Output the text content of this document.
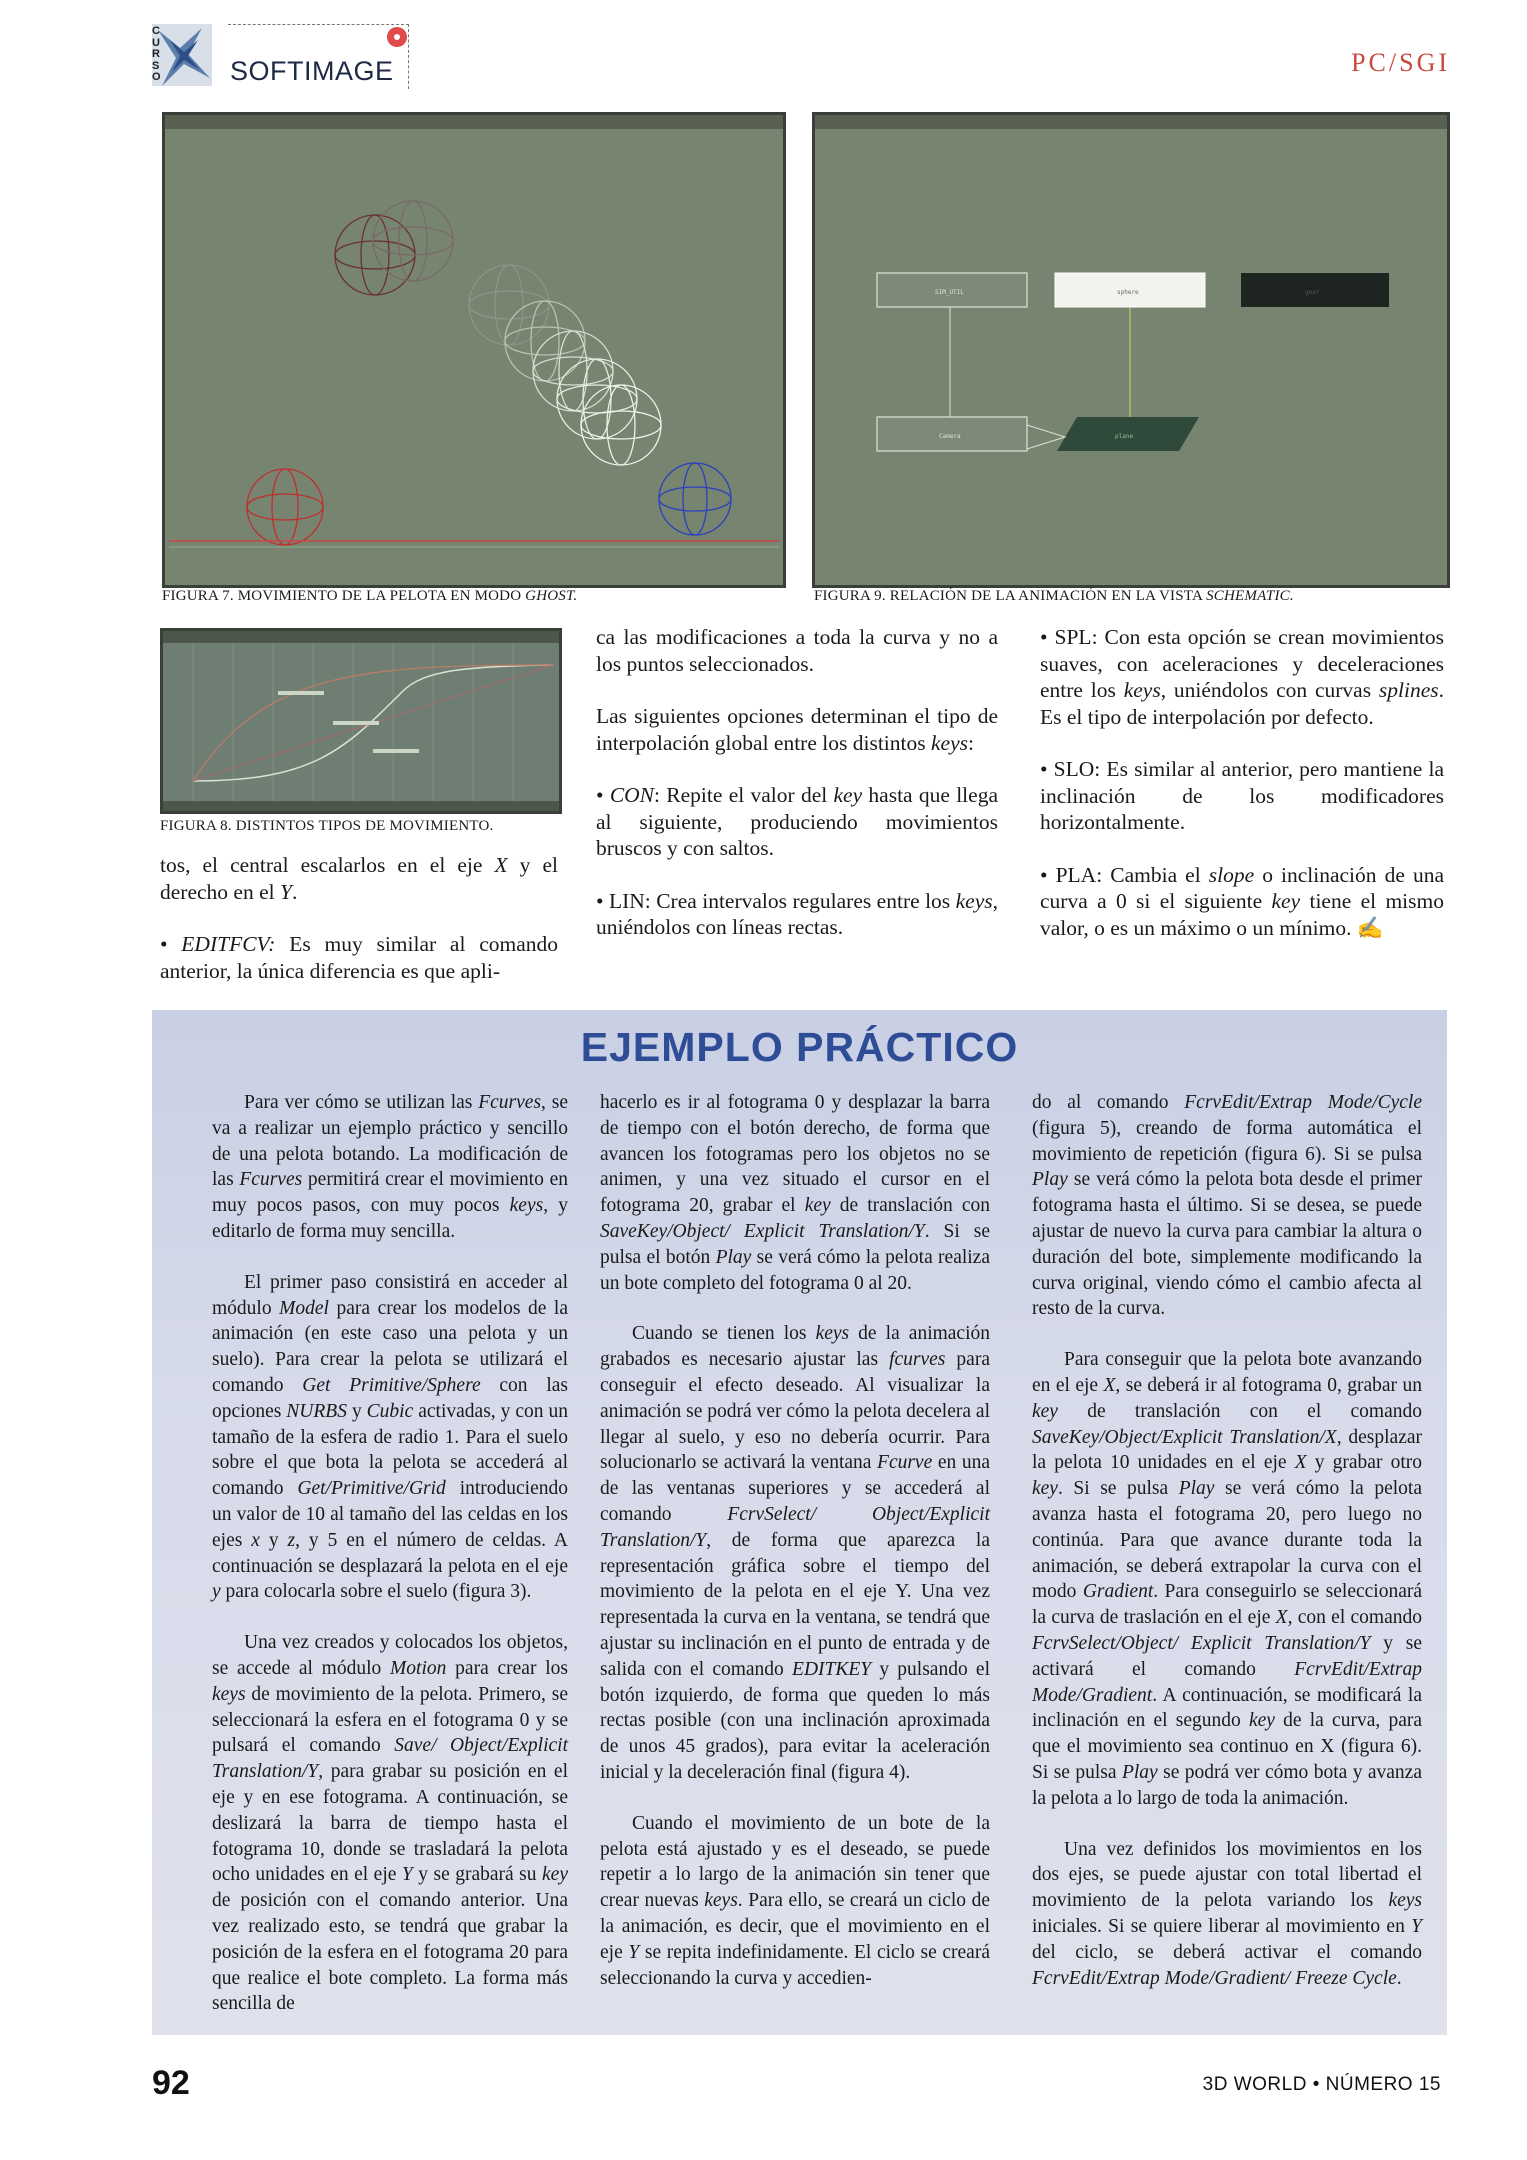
C
U
R
S
O	SOFTIMAGE	PC/SGI
FIGURA 7. MOVIMIENTO DE LA PELOTA EN MODO GHOST.
SIM_UTIL	sphere	gear
Camera	plane
FIGURA 9. RELACIÓN DE LA ANIMACIÓN EN LA VISTA SCHEMATIC.
FIGURA 8. DISTINTOS TIPOS DE MOVIMIENTO.

tos, el central escalarlos en el eje X y el derecho en el Y.

• EDITFCV: Es muy similar al comando anterior, la única diferencia es que apli-

ca las modificaciones a toda la curva y no a los puntos seleccionados.

Las siguientes opciones determinan el tipo de interpolación global entre los distintos keys:

• CON: Repite el valor del key hasta que llega al siguiente, produciendo movimientos bruscos y con saltos.

• LIN: Crea intervalos regulares entre los keys, uniéndolos con líneas rectas.

• SPL: Con esta opción se crean movimientos suaves, con aceleraciones y deceleraciones entre los keys, uniéndolos con curvas splines. Es el tipo de interpolación por defecto.

• SLO: Es similar al anterior, pero mantiene la inclinación de los modificadores horizontalmente.

• PLA: Cambia el slope o inclinación de una curva a 0 si el siguiente key tiene el mismo valor, o es un máximo o un mínimo. ✍

EJEMPLO PRÁCTICO

Para ver cómo se utilizan las Fcurves, se va a realizar un ejemplo práctico y sencillo de una pelota botando. La modificación de las Fcurves permitirá crear el movimiento en muy pocos pasos, con muy pocos keys, y editarlo de forma muy sencilla.

El primer paso consistirá en acceder al módulo Model para crear los modelos de la animación (en este caso una pelota y un suelo). Para crear la pelota se utilizará el comando Get Primitive/Sphere con las opciones NURBS y Cubic activadas, y con un tamaño de la esfera de radio 1. Para el suelo sobre el que bota la pelota se accederá al comando Get/Primitive/Grid introduciendo un valor de 10 al tamaño del las celdas en los ejes x y z, y 5 en el número de celdas. A continuación se desplazará la pelota en el eje y para colocarla sobre el suelo (figura 3).

Una vez creados y colocados los objetos, se accede al módulo Motion para crear los keys de movimiento de la pelota. Primero, se seleccionará la esfera en el fotograma 0 y se pulsará el comando Save/ Object/Explicit Translation/Y, para grabar su posición en el eje y en ese fotograma. A continuación, se deslizará la barra de tiempo hasta el fotograma 10, donde se trasladará la pelota ocho unidades en el eje Y y se grabará su key de posición con el comando anterior. Una vez realizado esto, se tendrá que grabar la posición de la esfera en el fotograma 20 para que realice el bote completo. La forma más sencilla de

hacerlo es ir al fotograma 0 y desplazar la barra de tiempo con el botón derecho, de forma que avancen los fotogramas pero los objetos no se animen, y una vez situado el cursor en el fotograma 20, grabar el key de translación con SaveKey/Object/ Explicit Translation/Y. Si se pulsa el botón Play se verá cómo la pelota realiza un bote completo del fotograma 0 al 20.

Cuando se tienen los keys de la animación grabados es necesario ajustar las fcurves para conseguir el efecto deseado. Al visualizar la animación se podrá ver cómo la pelota decelera al llegar al suelo, y eso no debería ocurrir. Para solucionarlo se activará la ventana Fcurve en una de las ventanas superiores y se accederá al comando FcrvSelect/ Object/Explicit Translation/Y, de forma que aparezca la representación gráfica sobre el tiempo del movimiento de la pelota en el eje Y. Una vez representada la curva en la ventana, se tendrá que ajustar su inclinación en el punto de entrada y de salida con el comando EDITKEY y pulsando el botón izquierdo, de forma que queden lo más rectas posible (con una inclinación aproximada de unos 45 grados), para evitar la aceleración inicial y la deceleración final (figura 4).

Cuando el movimiento de un bote de la pelota está ajustado y es el deseado, se puede repetir a lo largo de la animación sin tener que crear nuevas keys. Para ello, se creará un ciclo de la animación, es decir, que el movimiento en el eje Y se repita indefinidamente. El ciclo se creará seleccionando la curva y accedien-

do al comando FcrvEdit/Extrap Mode/Cycle (figura 5), creando de forma automática el movimiento de repetición (figura 6). Si se pulsa Play se verá cómo la pelota bota desde el primer fotograma hasta el último. Si se desea, se puede ajustar de nuevo la curva para cambiar la altura o duración del bote, simplemente modificando la curva original, viendo cómo el cambio afecta al resto de la curva.

Para conseguir que la pelota bote avanzando en el eje X, se deberá ir al fotograma 0, grabar un key de translación con el comando SaveKey/Object/Explicit Translation/X, desplazar la pelota 10 unidades en el eje X y grabar otro key. Si se pulsa Play se verá cómo la pelota avanza hasta el fotograma 20, pero luego no continúa. Para que avance durante toda la animación, se deberá extrapolar la curva con el modo Gradient. Para conseguirlo se seleccionará la curva de traslación en el eje X, con el comando FcrvSelect/Object/ Explicit Translation/Y y se activará el comando FcrvEdit/Extrap Mode/Gradient. A continuación, se modificará la inclinación en el segundo key de la curva, para que el movimiento sea continuo en X (figura 6). Si se pulsa Play se podrá ver cómo bota y avanza la pelota a lo largo de toda la animación.

Una vez definidos los movimientos en los dos ejes, se puede ajustar con total libertad el movimiento de la pelota variando los keys iniciales. Si se quiere liberar al movimiento en Y del ciclo, se deberá activar el comando FcrvEdit/Extrap Mode/Gradient/ Freeze Cycle.

92	3D WORLD • NÚMERO 15
